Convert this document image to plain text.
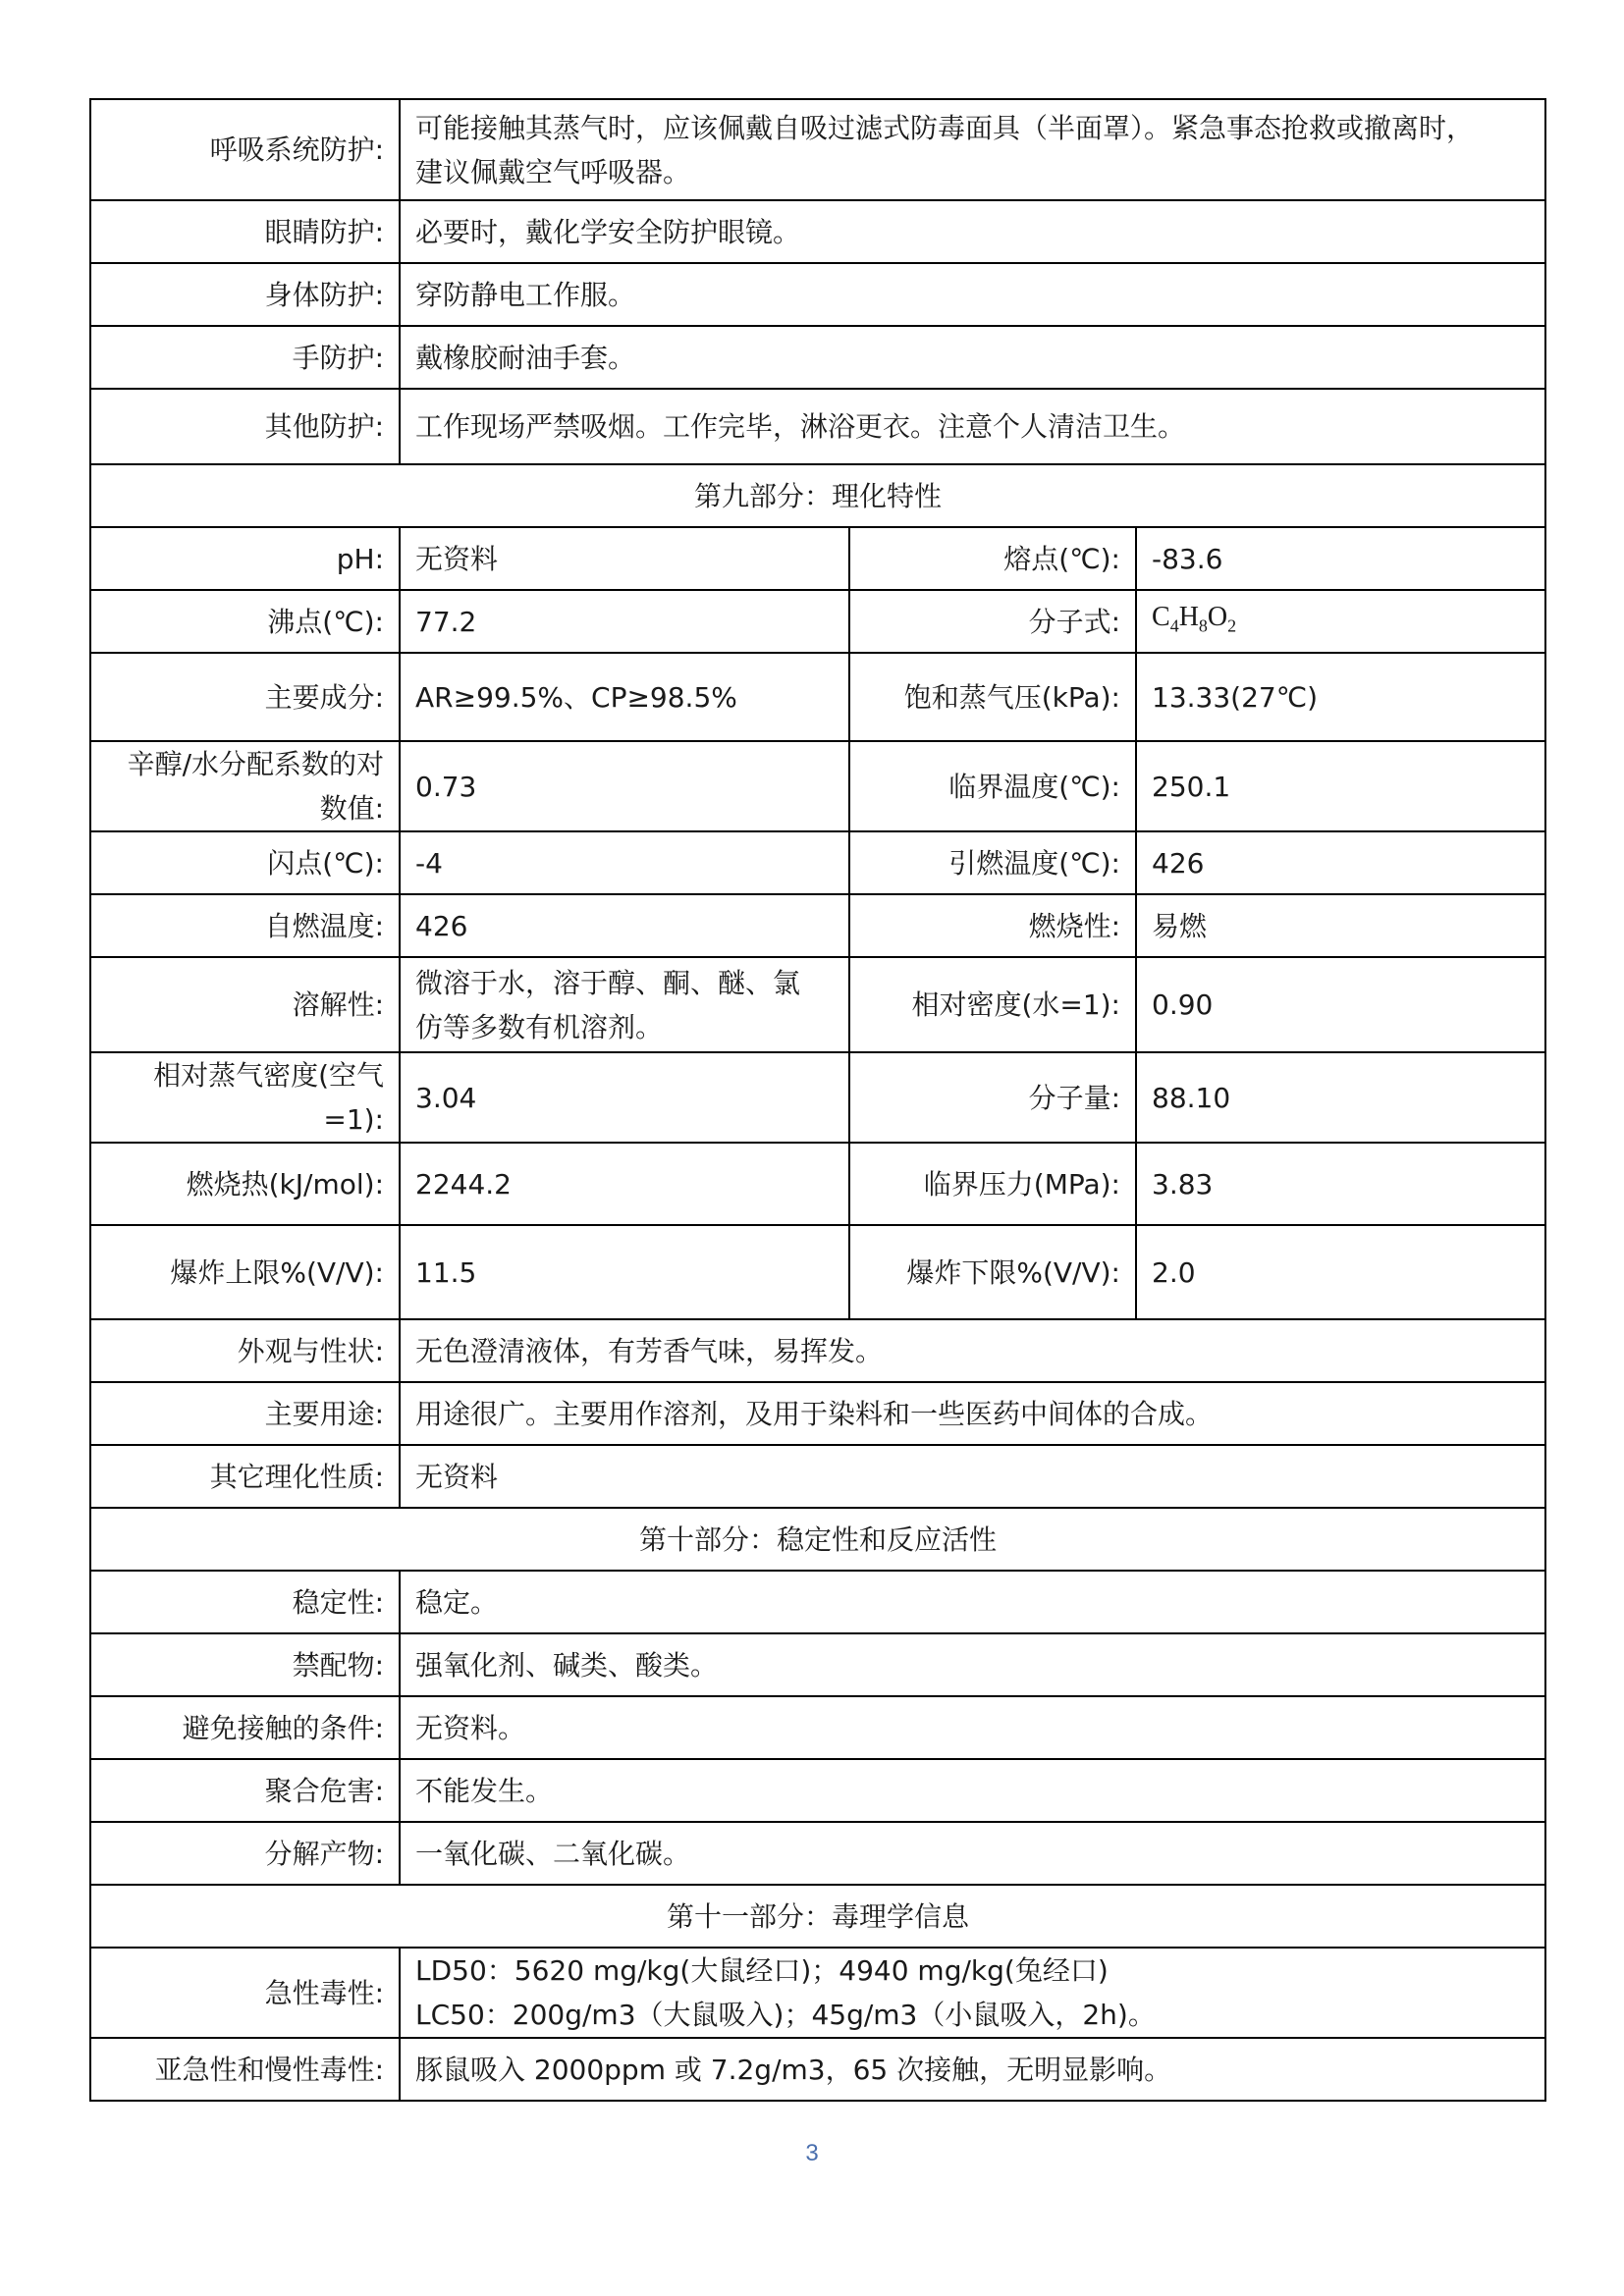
呼吸系统防护:	可能接触其蒸气时，应该佩戴自吸过滤式防毒面具（半面罩）。紧急事态抢救或撤离时，
建议佩戴空气呼吸器。		

眼睛防护:	必要时，戴化学安全防护眼镜。		
身体防护:	穿防静电工作服。		
手防护:	戴橡胶耐油手套。		
其他防护:	工作现场严禁吸烟。工作完毕，淋浴更衣。注意个人清洁卫生。		
第九部分：理化特性			
pH:	无资料	熔点(℃):	-83.6
沸点(℃):	77.2	分子式:	$C_4H_8O_2$
主要成分:	AR≥99.5%、CP≥98.5%	饱和蒸气压(kPa):	13.33(27℃)

辛醇/水分配系数的对
数值:	0.73	临界温度(℃):	250.1
闪点(℃):	-4	引燃温度(℃):	426
自燃温度:	426	燃烧性:	易燃
溶解性:	微溶于水，溶于醇、酮、醚、氯
仿等多数有机溶剂。	相对密度(水=1):	0.90

相对蒸气密度(空气
=1):	3.04	分子量:	88.10
燃烧热(kJ/mol):	2244.2	临界压力(MPa):	3.83
爆炸上限%(V/V):	11.5	爆炸下限%(V/V):	2.0
外观与性状:	无色澄清液体，有芳香气味，易挥发。		
主要用途:	用途很广。主要用作溶剂，及用于染料和一些医药中间体的合成。		
其它理化性质:	无资料		
第十部分：稳定性和反应活性			
稳定性:	稳定。		
禁配物:	强氧化剂、碱类、酸类。		
避免接触的条件:	无资料。		
聚合危害:	不能发生。		
分解产物:	一氧化碳、二氧化碳。		
第十一部分：毒理学信息			
急性毒性:	LD50：5620 mg/kg(大鼠经口)；4940 mg/kg(兔经口)
LC50：200g/m3（大鼠吸入)；45g/m3（小鼠吸入，2h)。		

亚急性和慢性毒性:	豚鼠吸入 2000ppm 或 7.2g/m3，65 次接触，无明显影响。		
3
